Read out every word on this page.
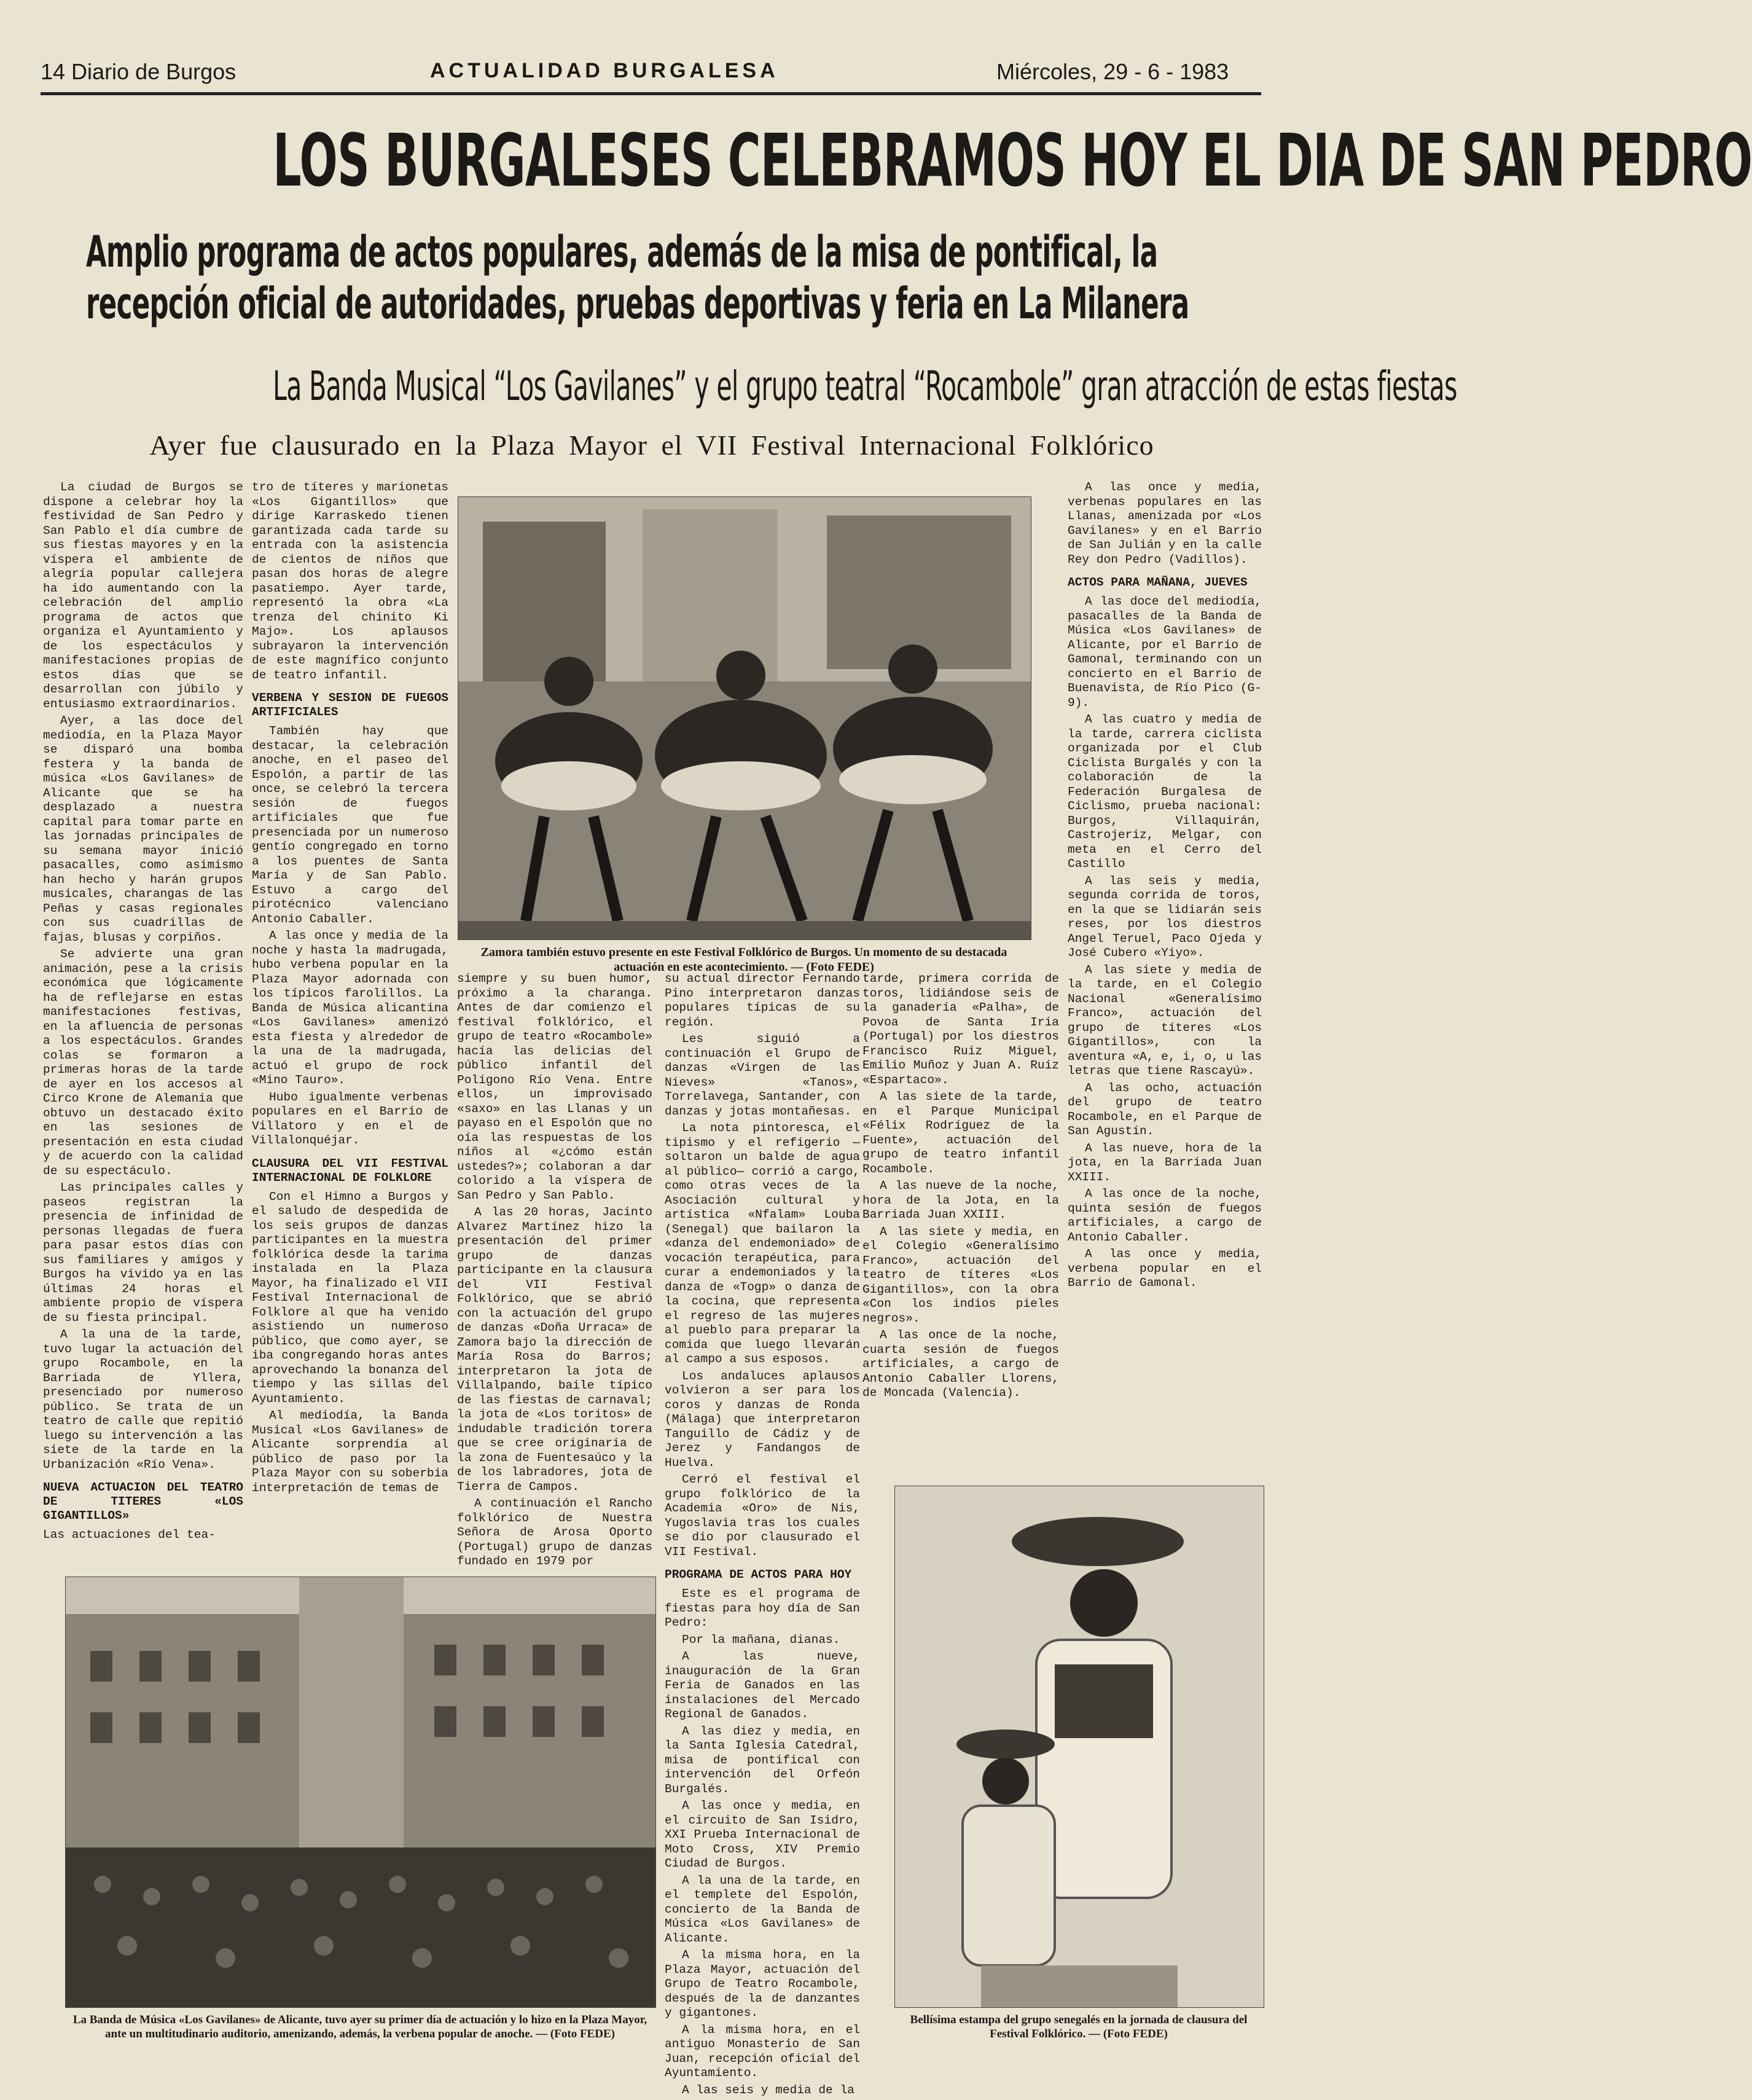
14 Diario de Burgos	ACTUALIDAD BURGALESA	Miércoles, 29 - 6 - 1983
LOS BURGALESES CELEBRAMOS HOY EL DIA DE SAN PEDRO
Amplio programa de actos populares, además de la misa de pontifical, la recepción oficial de autoridades, pruebas deportivas y feria en La Milanera
La Banda Musical “Los Gavilanes” y el grupo teatral “Rocambole” gran atracción de estas fiestas
Ayer fue clausurado en la Plaza Mayor el VII Festival Internacional Folklórico

La ciudad de Burgos se dispone a celebrar hoy la festividad de San Pedro y San Pablo el día cumbre de sus fiestas mayores y en la víspera el ambiente de alegría popular callejera ha ido aumentando con la celebración del amplio programa de actos que organiza el Ayuntamiento y de los espectáculos y manifestaciones propias de estos días que se desarrollan con júbilo y entusiasmo extraordinarios.

Ayer, a las doce del mediodía, en la Plaza Mayor se disparó una bomba festera y la banda de música «Los Gavilanes» de Alicante que se ha desplazado a nuestra capital para tomar parte en las jornadas principales de su semana mayor inició pasacalles, como asimismo han hecho y harán grupos musicales, charangas de las Peñas y casas regionales con sus cuadrillas de fajas, blusas y corpiños.

Se advierte una gran animación, pese a la crisis económica que lógicamente ha de reflejarse en estas manifestaciones festivas, en la afluencia de personas a los espectáculos. Grandes colas se formaron a primeras horas de la tarde de ayer en los accesos al Circo Krone de Alemania que obtuvo un destacado éxito en las sesiones de presentación en esta ciudad y de acuerdo con la calidad de su espectáculo.

Las principales calles y paseos registran la presencia de infinidad de personas llegadas de fuera para pasar estos días con sus familiares y amigos y Burgos ha vivido ya en las últimas 24 horas el ambiente propio de víspera de su fiesta principal.

A la una de la tarde, tuvo lugar la actuación del grupo Rocambole, en la Barriada de Yllera, presenciado por numeroso público. Se trata de un teatro de calle que repitió luego su intervención a las siete de la tarde en la Urbanización «Río Vena».

NUEVA ACTUACION DEL TEATRO DE TITERES «LOS GIGANTILLOS»

Las actuaciones del tea-

Zamora también estuvo presente en este Festival Folklórico de Burgos. Un momento de su destacada actuación en este acontecimiento. — (Foto FEDE)

tro de títeres y marionetas «Los Gigantillos» que dirige Karraskedo tienen garantizada cada tarde su entrada con la asistencia de cientos de niños que pasan dos horas de alegre pasatiempo. Ayer tarde, representó la obra «La trenza del chinito Ki Majo». Los aplausos subrayaron la intervención de este magnífico conjunto de teatro infantil.

VERBENA Y SESION DE FUEGOS ARTIFICIALES

También hay que destacar, la celebración anoche, en el paseo del Espolón, a partir de las once, se celebró la tercera sesión de fuegos artificiales que fue presenciada por un numeroso gentío congregado en torno a los puentes de Santa María y de San Pablo. Estuvo a cargo del pirotécnico valenciano Antonio Caballer.

A las once y media de la noche y hasta la madrugada, hubo verbena popular en la Plaza Mayor adornada con los típicos farolillos. La Banda de Música alicantina «Los Gavilanes» amenizó esta fiesta y alrededor de la una de la madrugada, actuó el grupo de rock «Mino Tauro».

Hubo igualmente verbenas populares en el Barrio de Villatoro y en el de Villalonquéjar.

CLAUSURA DEL VII FESTIVAL INTERNACIONAL DE FOLKLORE

Con el Himno a Burgos y el saludo de despedida de los seis grupos de danzas participantes en la muestra folklórica desde la tarima instalada en la Plaza Mayor, ha finalizado el VII Festival Internacional de Folklore al que ha venido asistiendo un numeroso público, que como ayer, se iba congregando horas antes aprovechando la bonanza del tiempo y las sillas del Ayuntamiento.

Al mediodía, la Banda Musical «Los Gavilanes» de Alicante sorprendía al público de paso por la Plaza Mayor con su soberbia interpretación de temas de

siempre y su buen humor, próximo a la charanga. Antes de dar comienzo el festival folklórico, el grupo de teatro «Rocambole» hacía las delicias del público infantil del Polígono Río Vena. Entre ellos, un improvisado «saxo» en las Llanas y un payaso en el Espolón que no oía las respuestas de los niños al «¿cómo están ustedes?»; colaboran a dar colorido a la víspera de San Pedro y San Pablo.

A las 20 horas, Jacinto Alvarez Martínez hizo la presentación del primer grupo de danzas participante en la clausura del VII Festival Folklórico, que se abrió con la actuación del grupo de danzas «Doña Urraca» de Zamora bajo la dirección de María Rosa do Barros; interpretaron la jota de Villalpando, baile típico de las fiestas de carnaval; la jota de «Los toritos» de indudable tradición torera que se cree originaria de la zona de Fuentesaúco y la de los labradores, jota de Tierra de Campos.

A continuación el Rancho folklórico de Nuestra Señora de Arosa Oporto (Portugal) grupo de danzas fundado en 1979 por

su actual director Fernando Pino interpretaron danzas populares típicas de su región.

Les siguió a continuación el Grupo de danzas «Virgen de las Nieves» «Tanos», Torrelavega, Santander, con danzas y jotas montañesas.

La nota pintoresca, el tipismo y el refigerio —soltaron un balde de agua al público— corrió a cargo, como otras veces de la Asociación cultural y artística «Nfalam» Louba (Senegal) que bailaron la «danza del endemoniado» de vocación terapéutica, para curar a endemoniados y la danza de «Togp» o danza de la cocina, que representa el regreso de las mujeres al pueblo para preparar la comida que luego llevarán al campo a sus esposos.

Los andaluces aplausos volvieron a ser para los coros y danzas de Ronda (Málaga) que interpretaron Tanguillo de Cádiz y de Jerez y Fandangos de Huelva.

Cerró el festival el grupo folklórico de la Academia «Oro» de Nis, Yugoslavia tras los cuales se dio por clausurado el VII Festival.

PROGRAMA DE ACTOS PARA HOY

Este es el programa de fiestas para hoy día de San Pedro:

Por la mañana, dianas.

A las nueve, inauguración de la Gran Feria de Ganados en las instalaciones del Mercado Regional de Ganados.

A las diez y media, en la Santa Iglesia Catedral, misa de pontifical con intervención del Orfeón Burgalés.

A las once y media, en el circuito de San Isidro, XXI Prueba Internacional de Moto Cross, XIV Premio Ciudad de Burgos.

A la una de la tarde, en el templete del Espolón, concierto de la Banda de Música «Los Gavilanes» de Alicante.

A la misma hora, en la Plaza Mayor, actuación del Grupo de Teatro Rocambole, después de la de danzantes y gigantones.

A la misma hora, en el antiguo Monasterio de San Juan, recepción oficial del Ayuntamiento.

A las seis y media de la

tarde, primera corrida de toros, lidiándose seis de la ganadería «Palha», de Povoa de Santa Iria (Portugal) por los diestros Francisco Ruiz Miguel, Emilio Muñoz y Juan A. Ruiz «Espartaco».

A las siete de la tarde, en el Parque Municipal «Félix Rodríguez de la Fuente», actuación del grupo de teatro infantil Rocambole.

A las nueve de la noche, hora de la Jota, en la Barriada Juan XXIII.

A las siete y media, en el Colegio «Generalísimo Franco», actuación del teatro de títeres «Los Gigantillos», con la obra «Con los indios pieles negros».

A las once de la noche, cuarta sesión de fuegos artificiales, a cargo de Antonio Caballer Llorens, de Moncada (Valencia).

A las once y media, verbenas populares en las Llanas, amenizada por «Los Gavilanes» y en el Barrio de San Julián y en la calle Rey don Pedro (Vadillos).

ACTOS PARA MAÑANA, JUEVES

A las doce del mediodía, pasacalles de la Banda de Música «Los Gavilanes» de Alicante, por el Barrio de Gamonal, terminando con un concierto en el Barrio de Buenavista, de Río Pico (G-9).

A las cuatro y media de la tarde, carrera ciclista organizada por el Club Ciclista Burgalés y con la colaboración de la Federación Burgalesa de Ciclismo, prueba nacional: Burgos, Villaquirán, Castrojeriz, Melgar, con meta en el Cerro del Castillo

A las seis y media, segunda corrida de toros, en la que se lidiarán seis reses, por los diestros Angel Teruel, Paco Ojeda y José Cubero «Yiyo».

A las siete y media de la tarde, en el Colegio Nacional «Generalísimo Franco», actuación del grupo de títeres «Los Gigantillos», con la aventura «A, e, i, o, u las letras que tiene Rascayú».

A las ocho, actuación del grupo de teatro Rocambole, en el Parque de San Agustín.

A las nueve, hora de la jota, en la Barriada Juan XXIII.

A las once de la noche, quinta sesión de fuegos artificiales, a cargo de Antonio Caballer.

A las once y media, verbena popular en el Barrio de Gamonal.

La Banda de Música «Los Gavilanes» de Alicante, tuvo ayer su primer día de actuación y lo hizo en la Plaza Mayor, ante un multitudinario auditorio, amenizando, además, la verbena popular de anoche. — (Foto FEDE)
Bellísima estampa del grupo senegalés en la jornada de clausura del Festival Folklórico. — (Foto FEDE)
